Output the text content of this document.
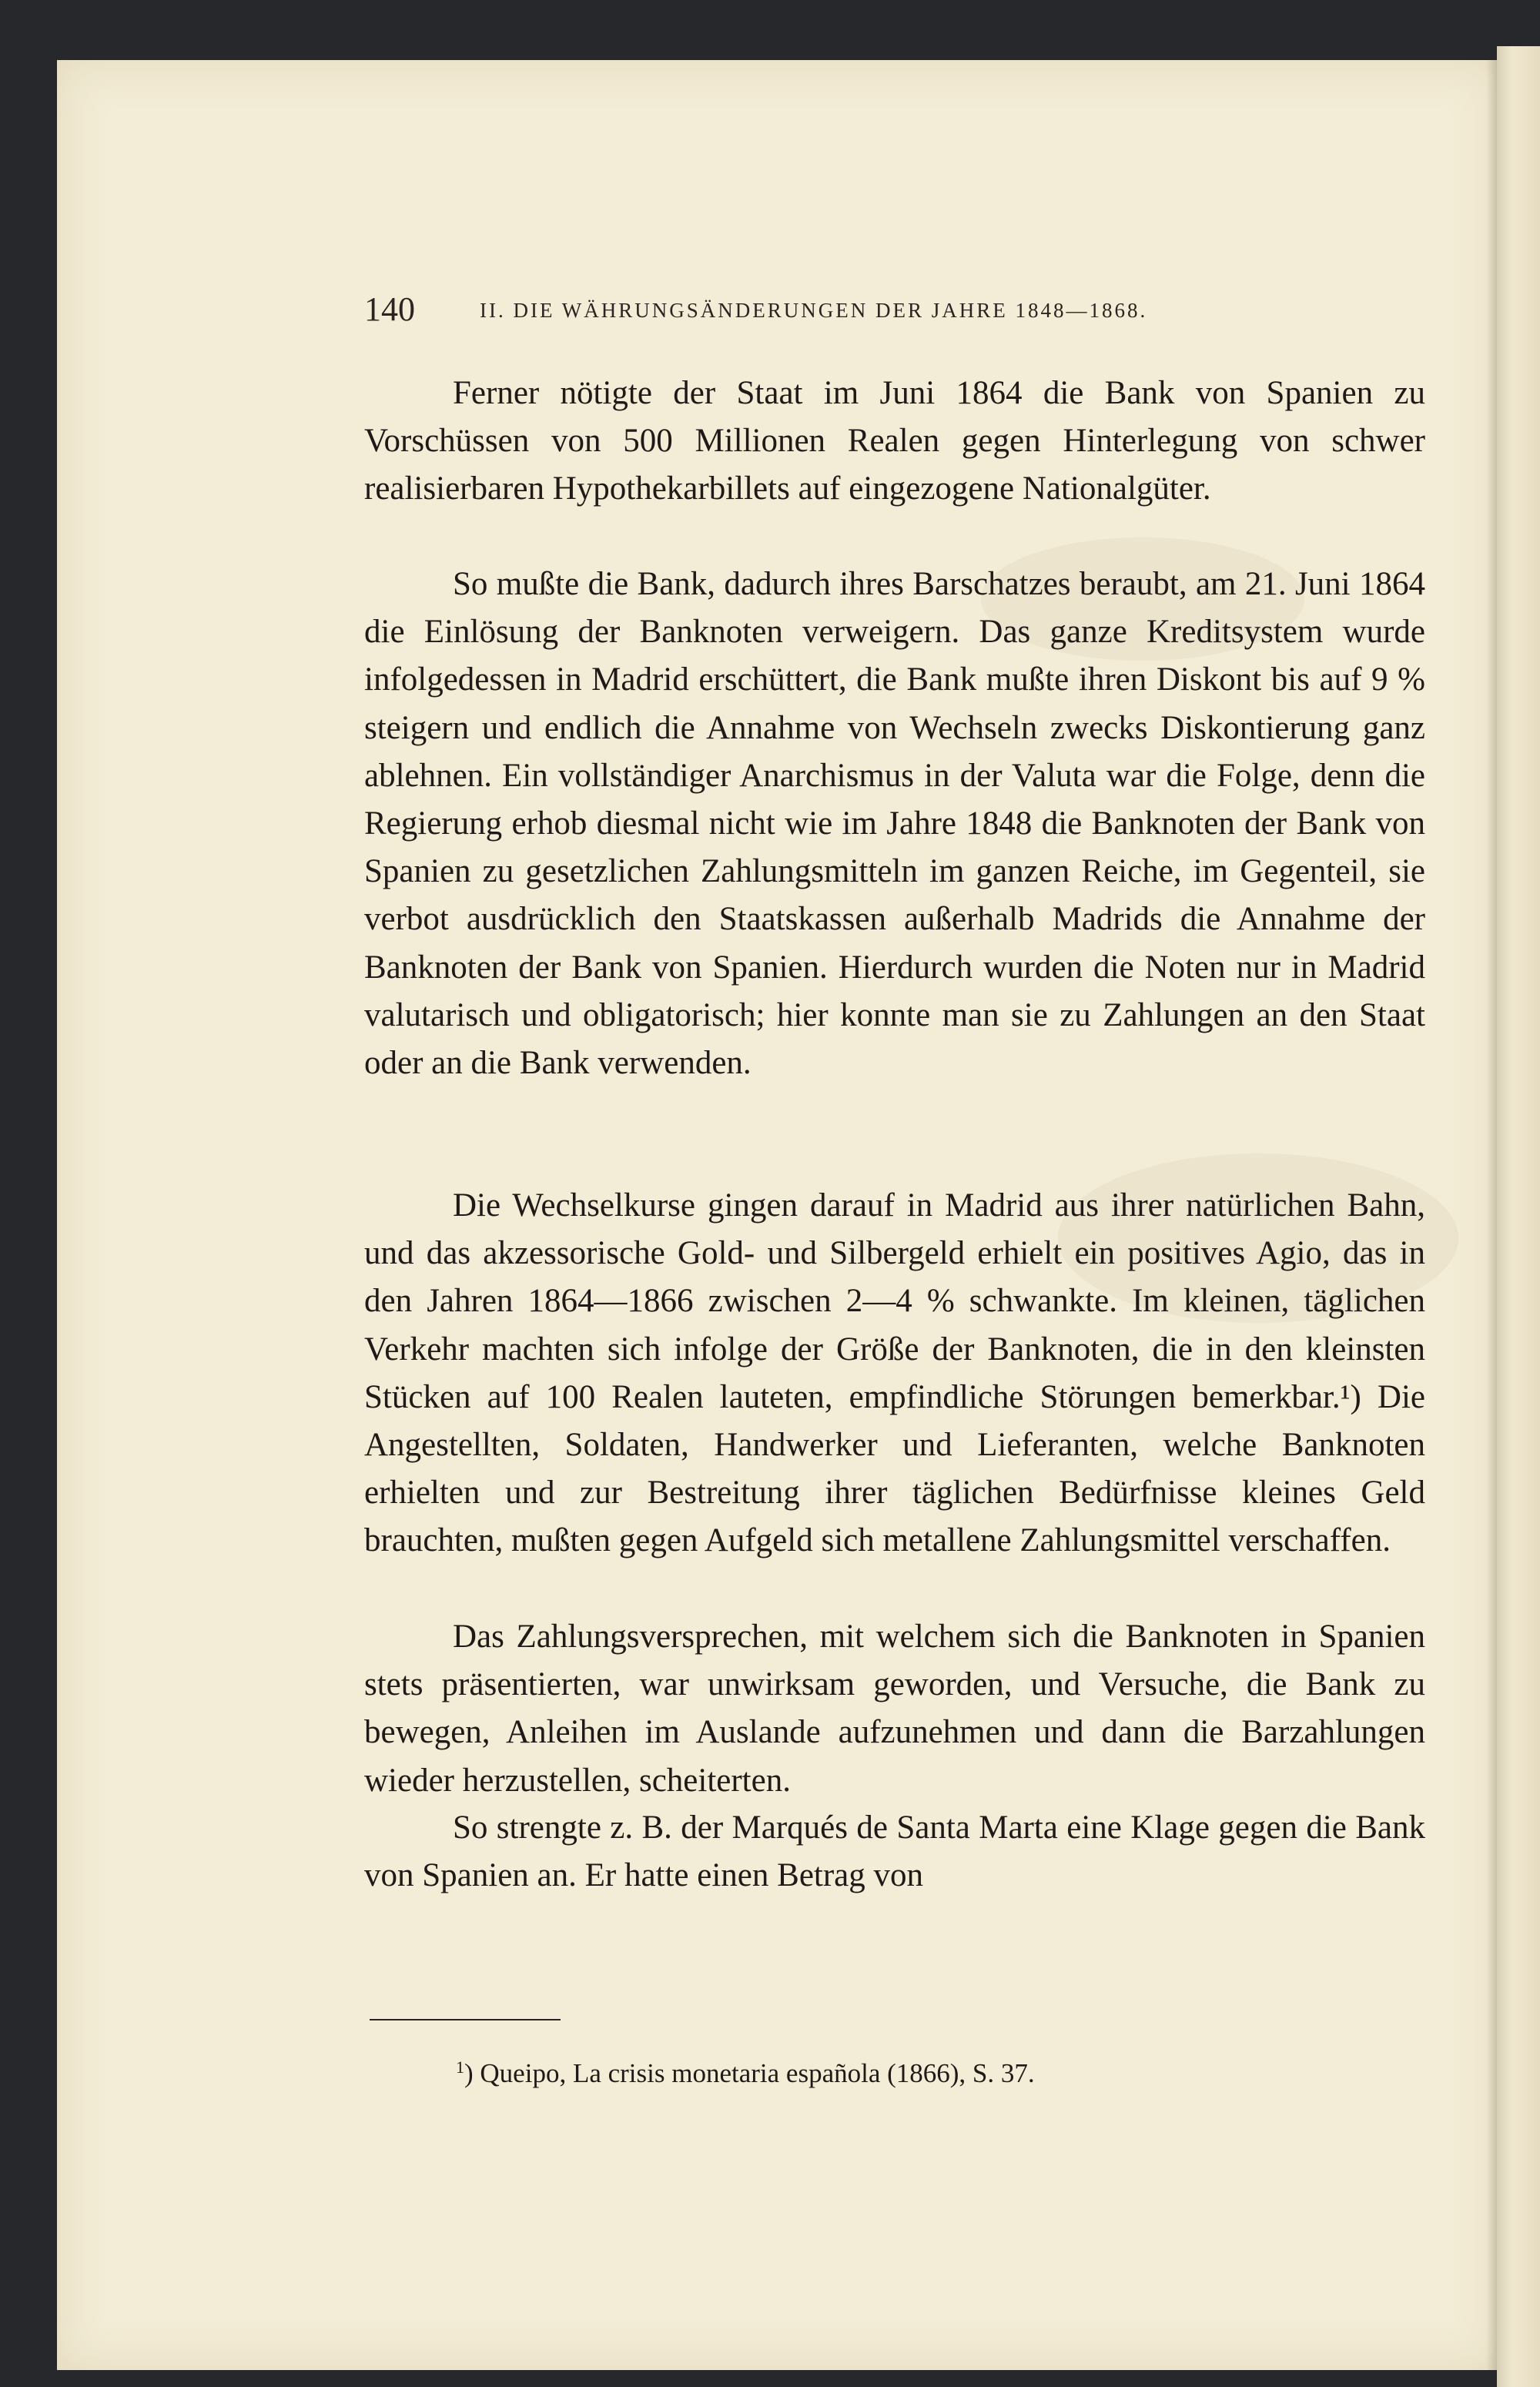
140	II. DIE WÄHRUNGSÄNDERUNGEN DER JAHRE 1848—1868.

Ferner nötigte der Staat im Juni 1864 die Bank von Spanien zu Vorschüssen von 500 Millionen Realen gegen Hinterlegung von schwer realisierbaren Hypothekarbillets auf eingezogene Nationalgüter.

So mußte die Bank, dadurch ihres Barschatzes beraubt, am 21. Juni 1864 die Einlösung der Banknoten verweigern. Das ganze Kreditsystem wurde infolgedessen in Madrid erschüttert, die Bank mußte ihren Diskont bis auf 9 % steigern und endlich die Annahme von Wechseln zwecks Diskontierung ganz ablehnen. Ein vollständiger Anarchismus in der Valuta war die Folge, denn die Regierung erhob diesmal nicht wie im Jahre 1848 die Banknoten der Bank von Spanien zu gesetzlichen Zahlungsmitteln im ganzen Reiche, im Gegenteil, sie verbot ausdrücklich den Staatskassen außerhalb Madrids die Annahme der Banknoten der Bank von Spanien. Hierdurch wurden die Noten nur in Madrid valutarisch und obligatorisch; hier konnte man sie zu Zahlungen an den Staat oder an die Bank verwenden.

Die Wechselkurse gingen darauf in Madrid aus ihrer natürlichen Bahn, und das akzessorische Gold- und Silbergeld erhielt ein positives Agio, das in den Jahren 1864—1866 zwischen 2—4 % schwankte. Im kleinen, täglichen Verkehr machten sich infolge der Größe der Banknoten, die in den kleinsten Stücken auf 100 Realen lauteten, empfindliche Störungen bemerkbar.¹) Die Angestellten, Soldaten, Handwerker und Lieferanten, welche Banknoten erhielten und zur Bestreitung ihrer täglichen Bedürfnisse kleines Geld brauchten, mußten gegen Aufgeld sich metallene Zahlungsmittel verschaffen.

Das Zahlungsversprechen, mit welchem sich die Banknoten in Spanien stets präsentierten, war unwirksam geworden, und Versuche, die Bank zu bewegen, Anleihen im Auslande aufzunehmen und dann die Barzahlungen wieder herzustellen, scheiterten.

So strengte z. B. der Marqués de Santa Marta eine Klage gegen die Bank von Spanien an. Er hatte einen Betrag von

$^1$) Queipo, La crisis monetaria española (1866), S. 37.
